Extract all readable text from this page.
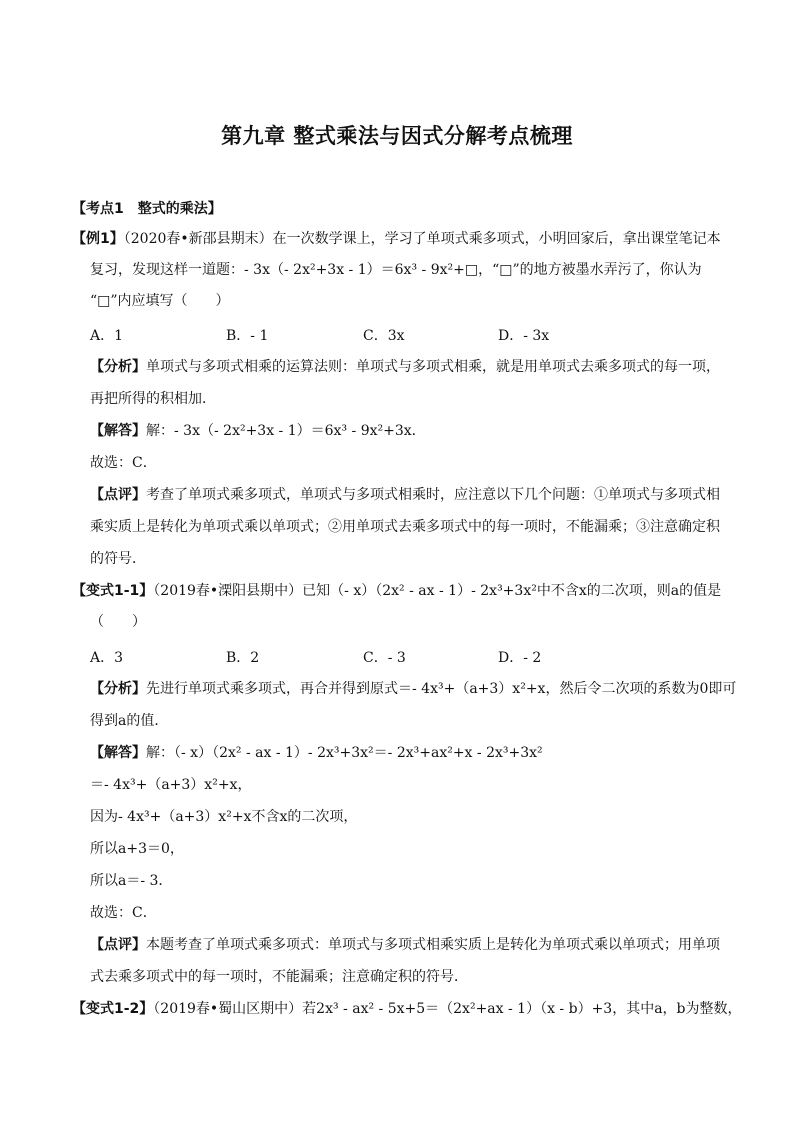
第九章 整式乘法与因式分解考点梳理
【考点1　整式的乘法】
【例1】（2020春•新邵县期末）在一次数学课上，学习了单项式乘多项式，小明回家后，拿出课堂笔记本
复习，发现这样一道题：- 3x（- 2x²+3x - 1）＝6x³ - 9x²+□，“□”的地方被墨水弄污了，你认为
“□”内应填写（　　）
A．1	B．- 1	C．3x	D．- 3x
【分析】单项式与多项式相乘的运算法则：单项式与多项式相乘，就是用单项式去乘多项式的每一项，
再把所得的积相加．
【解答】解：- 3x（- 2x²+3x - 1）＝6x³ - 9x²+3x．
故选：C．
【点评】考查了单项式乘多项式，单项式与多项式相乘时，应注意以下几个问题：①单项式与多项式相
乘实质上是转化为单项式乘以单项式；②用单项式去乘多项式中的每一项时，不能漏乘；③注意确定积
的符号．
【变式1-1】（2019春•溧阳县期中）已知（- x）（2x² - ax - 1）- 2x³+3x²中不含x的二次项，则a的值是
（　　）
A．3	B．2	C．- 3	D．- 2
【分析】先进行单项式乘多项式，再合并得到原式＝- 4x³+（a+3）x²+x，然后令二次项的系数为0即可
得到a的值．
【解答】解：（- x）（2x² - ax - 1）- 2x³+3x²＝- 2x³+ax²+x - 2x³+3x²
＝- 4x³+（a+3）x²+x，
因为- 4x³+（a+3）x²+x不含x的二次项，
所以a+3＝0，
所以a＝- 3．
故选：C．
【点评】本题考查了单项式乘多项式：单项式与多项式相乘实质上是转化为单项式乘以单项式；用单项
式去乘多项式中的每一项时，不能漏乘；注意确定积的符号．
【变式1-2】（2019春•蜀山区期中）若2x³ - ax² - 5x+5＝（2x²+ax - 1）（x - b）+3，其中a，b为整数，
